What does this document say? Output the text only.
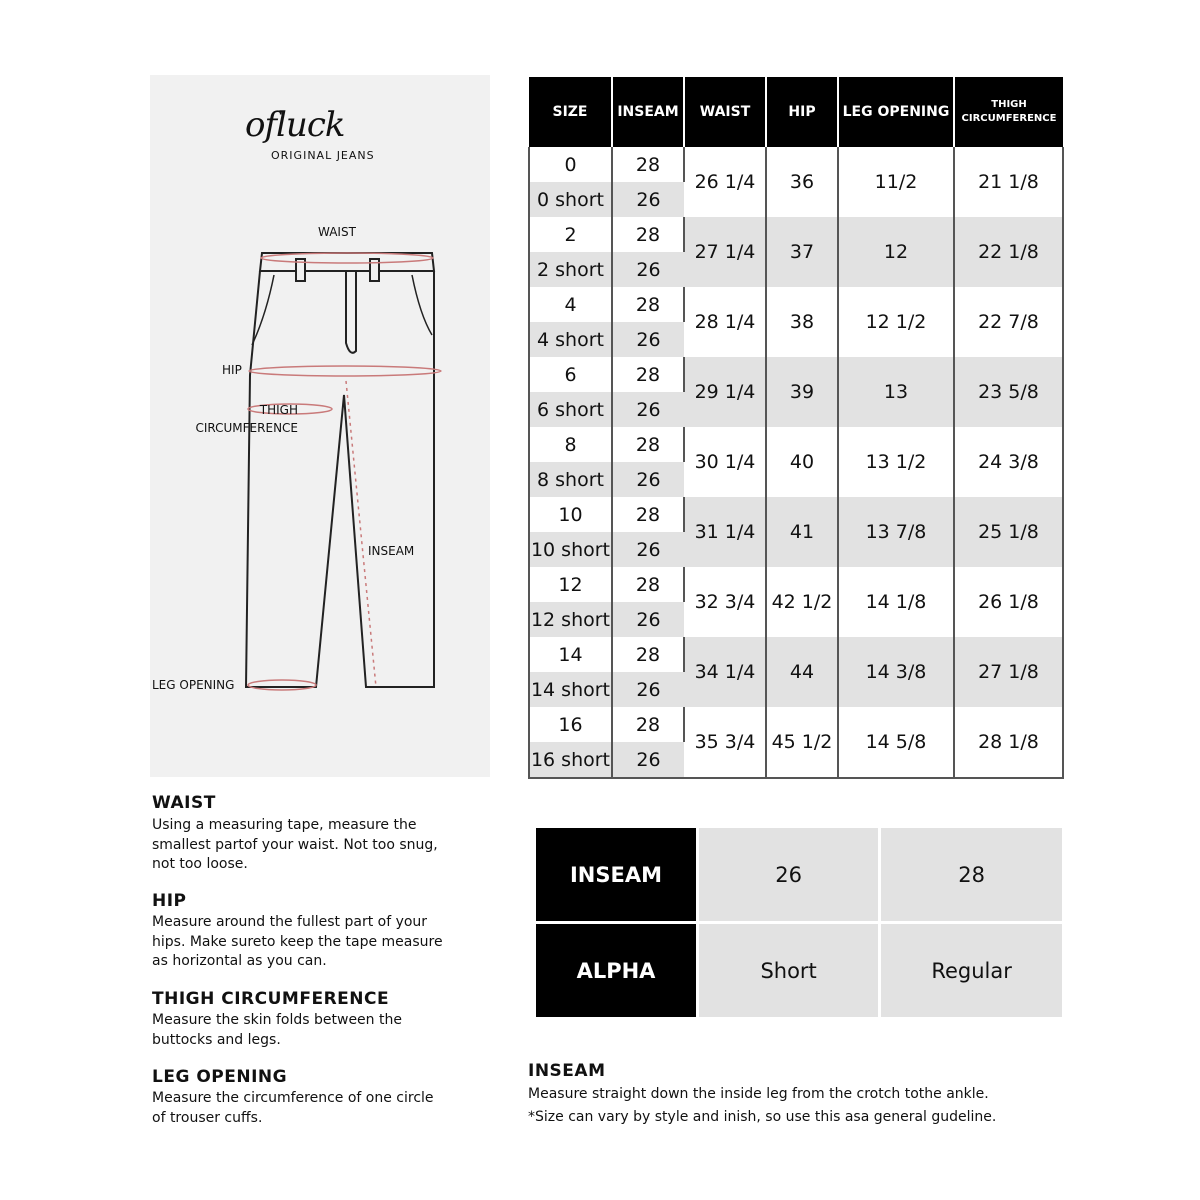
ofluck
ORIGINAL JEANS
WAIST
HIP
THIGH
CIRCUMFERENCE
INSEAM
LEG OPENING
SIZE	INSEAM	WAIST	HIP	LEG OPENING	THIGH
CIRCUMFERENCE

0	28	26 1/4	36	11/2	21 1/8
0 short	26				
2	28	27 1/4	37	12	22 1/8
2 short	26				
4	28	28 1/4	38	12 1/2	22 7/8
4 short	26				
6	28	29 1/4	39	13	23 5/8
6 short	26				
8	28	30 1/4	40	13 1/2	24 3/8
8 short	26				
10	28	31 1/4	41	13 7/8	25 1/8
10 short	26				
12	28	32 3/4	42 1/2	14 1/8	26 1/8
12 short	26				
14	28	34 1/4	44	14 3/8	27 1/8
14 short	26				
16	28	35 3/4	45 1/2	14 5/8	28 1/8
16 short	26				
INSEAM	26	28
ALPHA	Short	Regular
WAIST
Using a measuring tape, measure the
smallest partof your waist. Not too snug,
not too loose.
HIP
Measure around the fullest part of your
hips. Make sureto keep the tape measure
as horizontal as you can.
THIGH CIRCUMFERENCE
Measure the skin folds between the
buttocks and legs.
LEG OPENING
Measure the circumference of one circle
of trouser cuffs.
INSEAM
Measure straight down the inside leg from the crotch tothe ankle.
*Size can vary by style and inish, so use this asa general gudeline.
